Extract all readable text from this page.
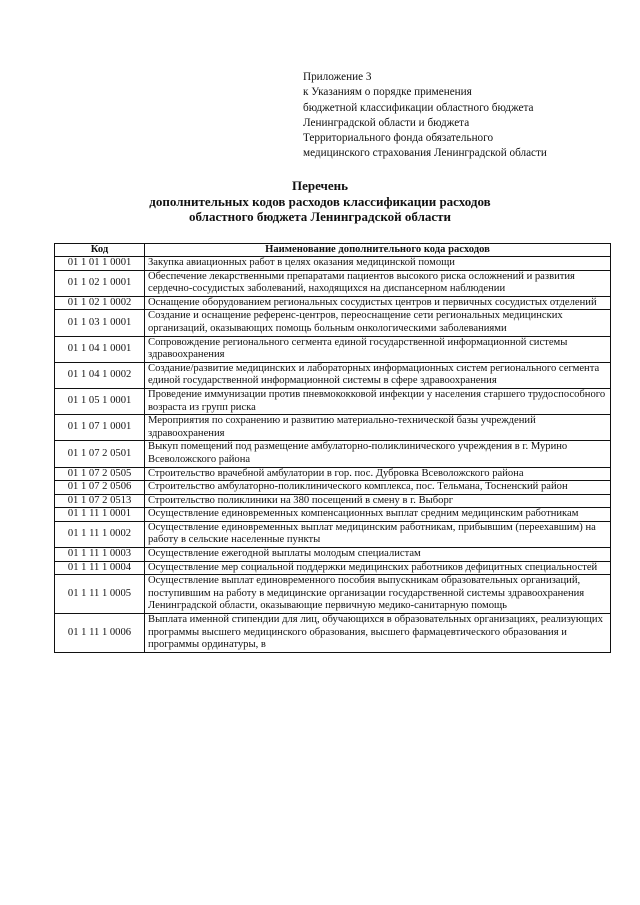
Приложение 3
к Указаниям о порядке применения
бюджетной классификации областного бюджета
Ленинградской области и бюджета
Территориального фонда обязательного
медицинского страхования Ленинградской области
Перечень
дополнительных кодов расходов классификации расходов
областного бюджета Ленинградской области
Код	Наименование дополнительного кода расходов
01 1 01 1 0001	Закупка авиационных работ в целях оказания медицинской помощи
01 1 02 1 0001	Обеспечение лекарственными препаратами пациентов высокого риска осложнений и развития сердечно-сосудистых заболеваний, находящихся на диспансерном наблюдении
01 1 02 1 0002	Оснащение оборудованием региональных сосудистых центров и первичных сосудистых отделений
01 1 03 1 0001	Создание и оснащение референс-центров, переоснащение сети региональных медицинских организаций, оказывающих помощь больным онкологическими заболеваниями
01 1 04 1 0001	Сопровождение регионального сегмента единой государственной информационной системы здравоохранения
01 1 04 1 0002	Создание/развитие медицинских и лабораторных информационных систем регионального сегмента единой государственной информационной системы в сфере здравоохранения
01 1 05 1 0001	Проведение иммунизации против пневмококковой инфекции у населения старшего трудоспособного возраста из групп риска
01 1 07 1 0001	Мероприятия по сохранению и развитию материально-технической базы учреждений здравоохранения
01 1 07 2 0501	Выкуп помещений под размещение амбулаторно-поликлинического учреждения в г. Мурино Всеволожского района
01 1 07 2 0505	Строительство врачебной амбулатории в гор. пос. Дубровка Всеволожского района
01 1 07 2 0506	Строительство амбулаторно-поликлинического комплекса, пос. Тельмана, Тосненский район
01 1 07 2 0513	Строительство поликлиники на 380 посещений в смену в г. Выборг
01 1 11 1 0001	Осуществление единовременных компенсационных выплат средним медицинским работникам
01 1 11 1 0002	Осуществление единовременных выплат медицинским работникам, прибывшим (переехавшим) на работу в сельские населенные пункты
01 1 11 1 0003	Осуществление ежегодной выплаты молодым специалистам
01 1 11 1 0004	Осуществление мер социальной поддержки медицинских работников дефицитных специальностей
01 1 11 1 0005	Осуществление выплат единовременного пособия выпускникам образовательных организаций, поступившим на работу в медицинские организации государственной системы здравоохранения Ленинградской области, оказывающие первичную медико-санитарную помощь
01 1 11 1 0006	Выплата именной стипендии для лиц, обучающихся в образовательных организациях, реализующих программы высшего медицинского образования, высшего фармацевтического образования и программы ординатуры, в
